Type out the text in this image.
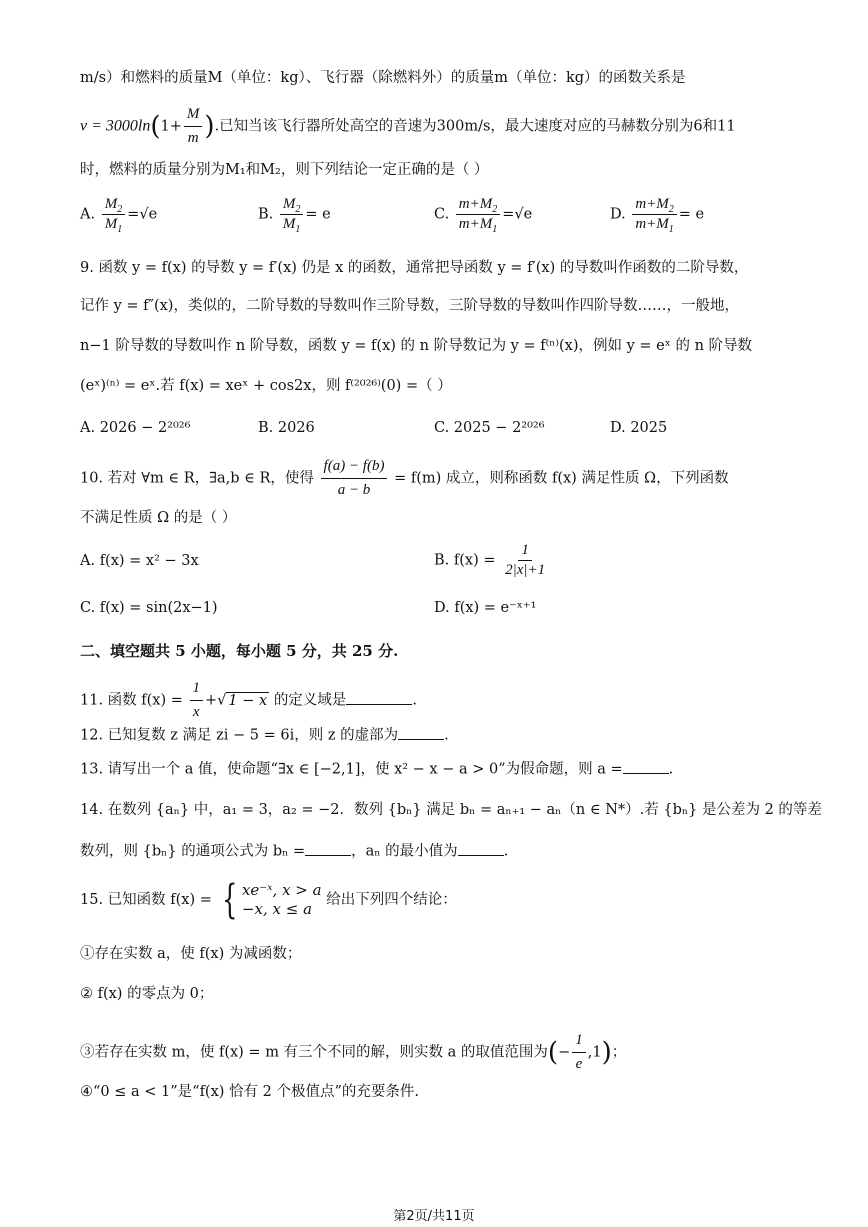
m/s）和燃料的质量M（单位：kg）、飞行器（除燃料外）的质量m（单位：kg）的函数关系是
$v = 3000\ln(1+ \frac{M}{m}$ ).已知当该飞行器所处高空的音速为300m/s，最大速度对应的马赫数分别为6和11
时，燃料的质量分别为M₁和M₂，则下列结论一定正确的是（ ）
A. $\frac{M_2}{M_1} =√e$	B. $\frac{M_2}{M_1} = e$	C. $\frac{m+M_2}{m+M_1} =√e$	D. $\frac{m+M_2}{m+M_1} = e$
9. 函数 y = f(x) 的导数 y = f′(x) 仍是 x 的函数，通常把导函数 y = f′(x) 的导数叫作函数的二阶导数，
记作 y = f″(x)，类似的，二阶导数的导数叫作三阶导数，三阶导数的导数叫作四阶导数……，一般地，
n−1 阶导数的导数叫作 n 阶导数，函数 y = f(x) 的 n 阶导数记为 y = f⁽ⁿ⁾(x)，例如 y = eˣ 的 n 阶导数
(eˣ)⁽ⁿ⁾ = eˣ.若 f(x) = xeˣ + cos2x，则 f⁽²⁰²⁶⁾(0) =（ ）
A. 2026 − 2²⁰²⁶	B. 2026	C. 2025 − 2²⁰²⁶	D. 2025
10. 若对 ∀m ∈ R，∃a,b ∈ R，使得 $\frac{f(a) - f(b)}{a - b} = f(m)$ 成立，则称函数 f(x) 满足性质 Ω，下列函数
不满足性质 Ω 的是（ ）
A. f(x) = x² − 3x	B. $f(x) = \frac{1}{2|x|+1}$
C. f(x) = sin(2x−1)	D. f(x) = e⁻ˣ⁺¹
二、填空题共 5 小题，每小题 5 分，共 25 分.
11. 函数 $f(x) = \frac{1}{x}$ +√ 1 − x 的定义域是	.
12. 已知复数 z 满足 zi − 5 = 6i，则 z 的虚部为	.
13. 请写出一个 a 值，使命题“∃x ∈ [−2,1]，使 x² − x − a > 0”为假命题，则 a =	.
14. 在数列 {aₙ} 中，a₁ = 3，a₂ = −2．数列 {bₙ} 满足 bₙ = aₙ₊₁ − aₙ（n ∈ N*）.若 {bₙ} 是公差为 2 的等差
数列，则 {bₙ} 的通项公式为 bₙ =	，aₙ 的最小值为	.
15. 已知函数 f(x) = { xe⁻ˣ, x > a
−x, x ≤ a 给出下列四个结论：
①存在实数 a，使 f(x) 为减函数；
② f(x) 的零点为 0；
③若存在实数 m，使 f(x) = m 有三个不同的解，则实数 a 的取值范围为(− $\frac{1}{e} ,1$)；
④“0 ≤ a < 1”是“f(x) 恰有 2 个极值点”的充要条件.
第2页/共11页
